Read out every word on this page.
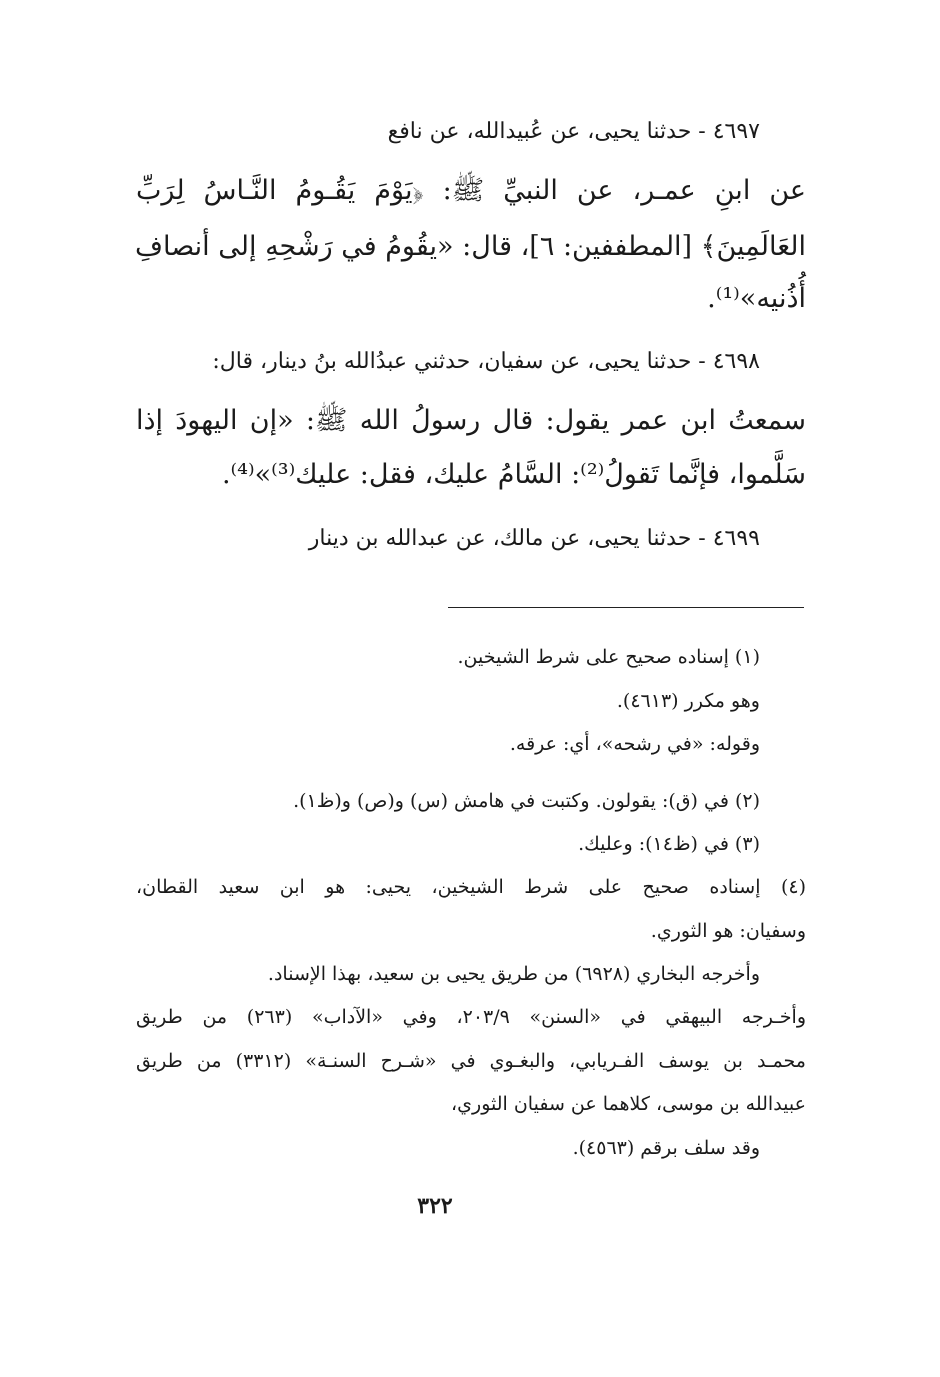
٤٦٩٧ - حدثنا يحيى، عن عُبيدالله، عن نافع
عن ابنِ عمـر، عن النبيِّ ﷺ: ﴿يَوْمَ يَقُـومُ النَّـاسُ لِرَبِّ
العَالَمِينَ﴾ [المطففين: ٦]، قال: «يقُومُ في رَشْحِهِ إلى أنصافِ
أُذُنيه»⁽¹⁾.
٤٦٩٨ - حدثنا يحيى، عن سفيان، حدثني عبدُالله بنُ دينار، قال:
سمعتُ ابن عمر يقول: قال رسولُ الله ﷺ: «إن اليهودَ إذا
سَلَّموا، فإنَّما تَقولُ⁽²⁾: السَّامُ عليك، فقل: عليك⁽³⁾»⁽⁴⁾.
٤٦٩٩ - حدثنا يحيى، عن مالك، عن عبدالله بن دينار
(١) إسناده صحيح على شرط الشيخين.
وهو مكرر (٤٦١٣).
وقوله: «في رشحه»، أي: عرقه.
(٢) في (ق): يقولون. وكتبت في هامش (س) و(ص) و(ظ١).
(٣) في (ظ١٤): وعليك.
(٤) إسناده صحيح على شرط الشيخين، يحيى: هو ابن سعيد القطان،
وسفيان: هو الثوري.
وأخرجه البخاري (٦٩٢٨) من طريق يحيى بن سعيد، بهذا الإسناد.
وأخـرجه البيهقي في «السنن» ٢٠٣/٩، وفي «الآداب» (٢٦٣) من طريق
محمـد بن يوسف الفـريابي، والبغـوي في «شـرح السنـة» (٣٣١٢) من طريق
عبيدالله بن موسى، كلاهما عن سفيان الثوري،
وقد سلف برقم (٤٥٦٣).
٣٢٢
